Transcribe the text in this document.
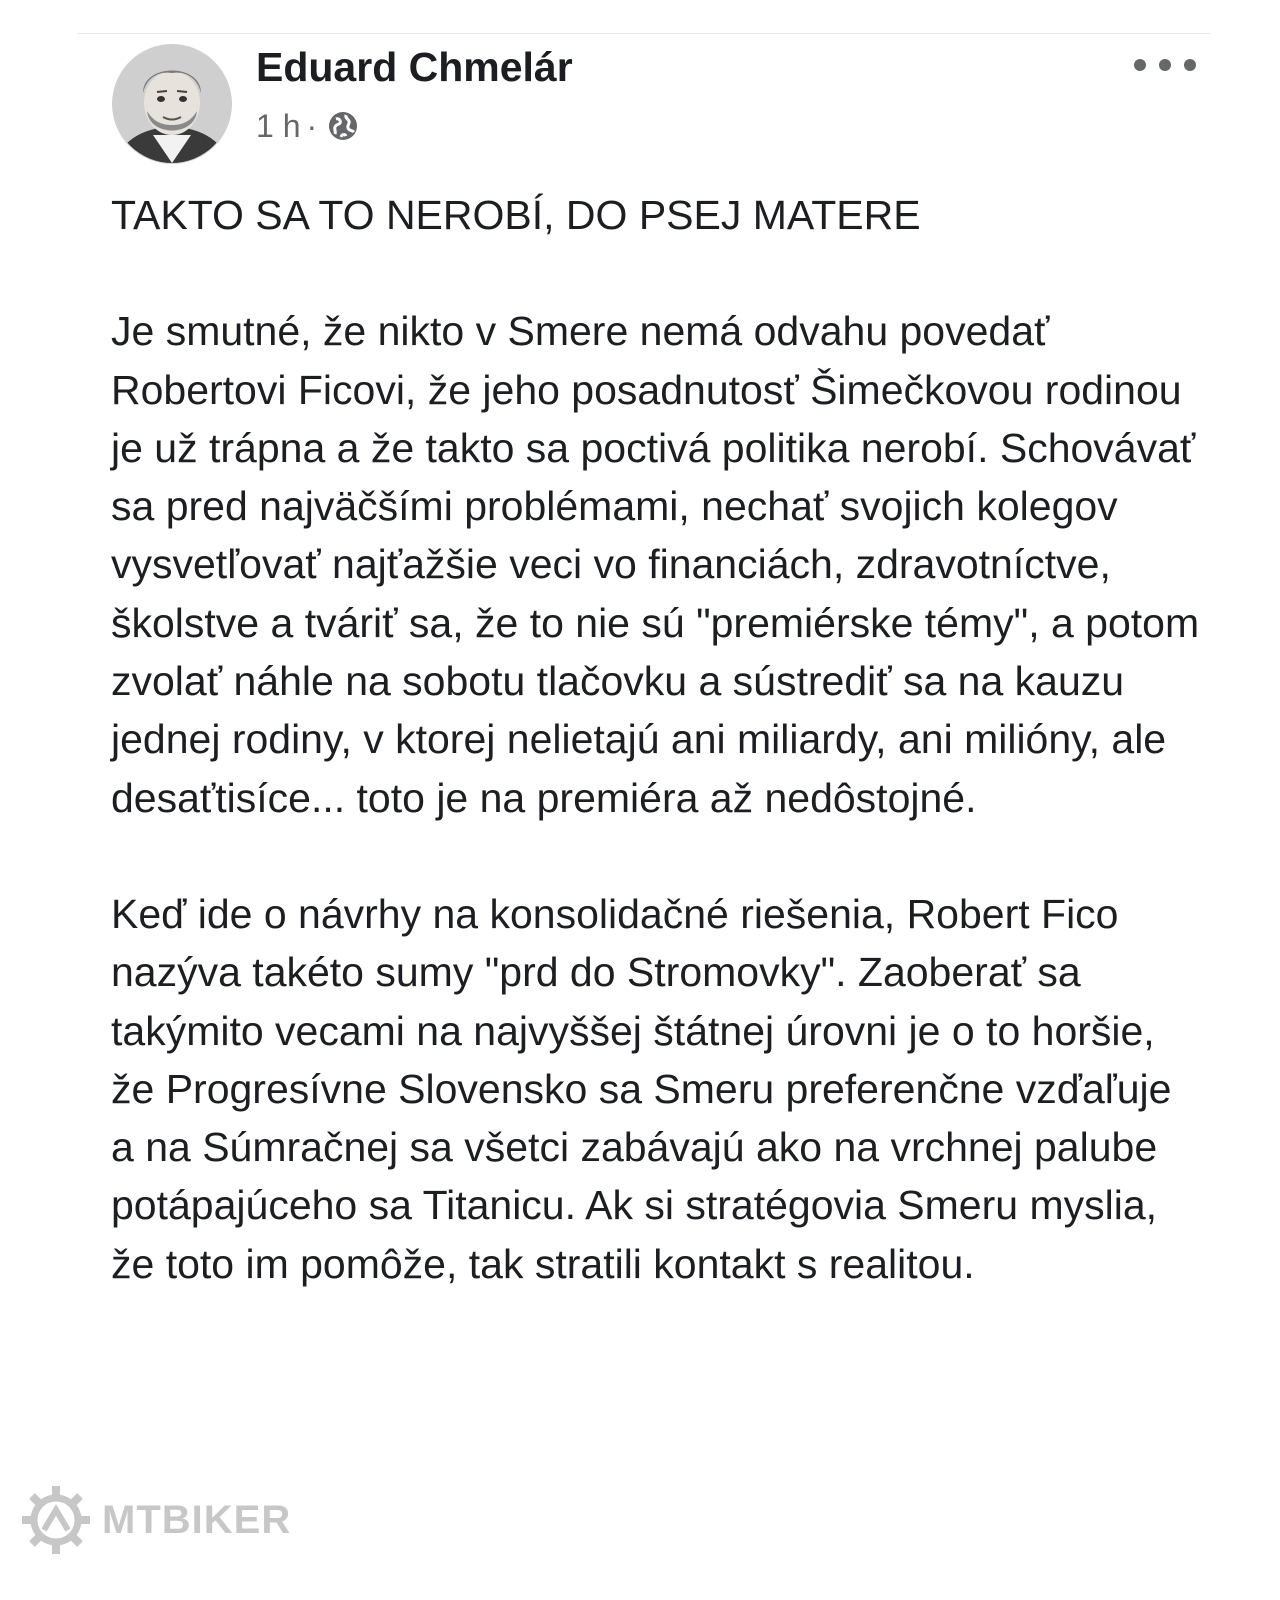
Eduard Chmelár
1 h ·

TAKTO SA TO NEROBÍ, DO PSEJ MATERE

Je smutné, že nikto v Smere nemá odvahu povedať Robertovi Ficovi, že jeho posadnutosť Šimečkovou rodinou je už trápna a že takto sa poctivá politika nerobí. Schovávať sa pred najväčšími problémami, nechať svojich kolegov vysvetľovať najťažšie veci vo financiách, zdravotníctve, školstve a tváriť sa, že to nie sú "premiérske témy", a potom zvolať náhle na sobotu tlačovku a sústrediť sa na kauzu jednej rodiny, v ktorej nelietajú ani miliardy, ani milióny, ale desaťtisíce... toto je na premiéra až nedôstojné.

Keď ide o návrhy na konsolidačné riešenia, Robert Fico nazýva takéto sumy "prd do Stromovky". Zaoberať sa takýmito vecami na najvyššej štátnej úrovni je o to horšie, že Progresívne Slovensko sa Smeru preferenčne vzďaľuje a na Súmračnej sa všetci zabávajú ako na vrchnej palube potápajúceho sa Titanicu. Ak si stratégovia Smeru myslia, že toto im pomôže, tak stratili kontakt s realitou.

MTBIKER
